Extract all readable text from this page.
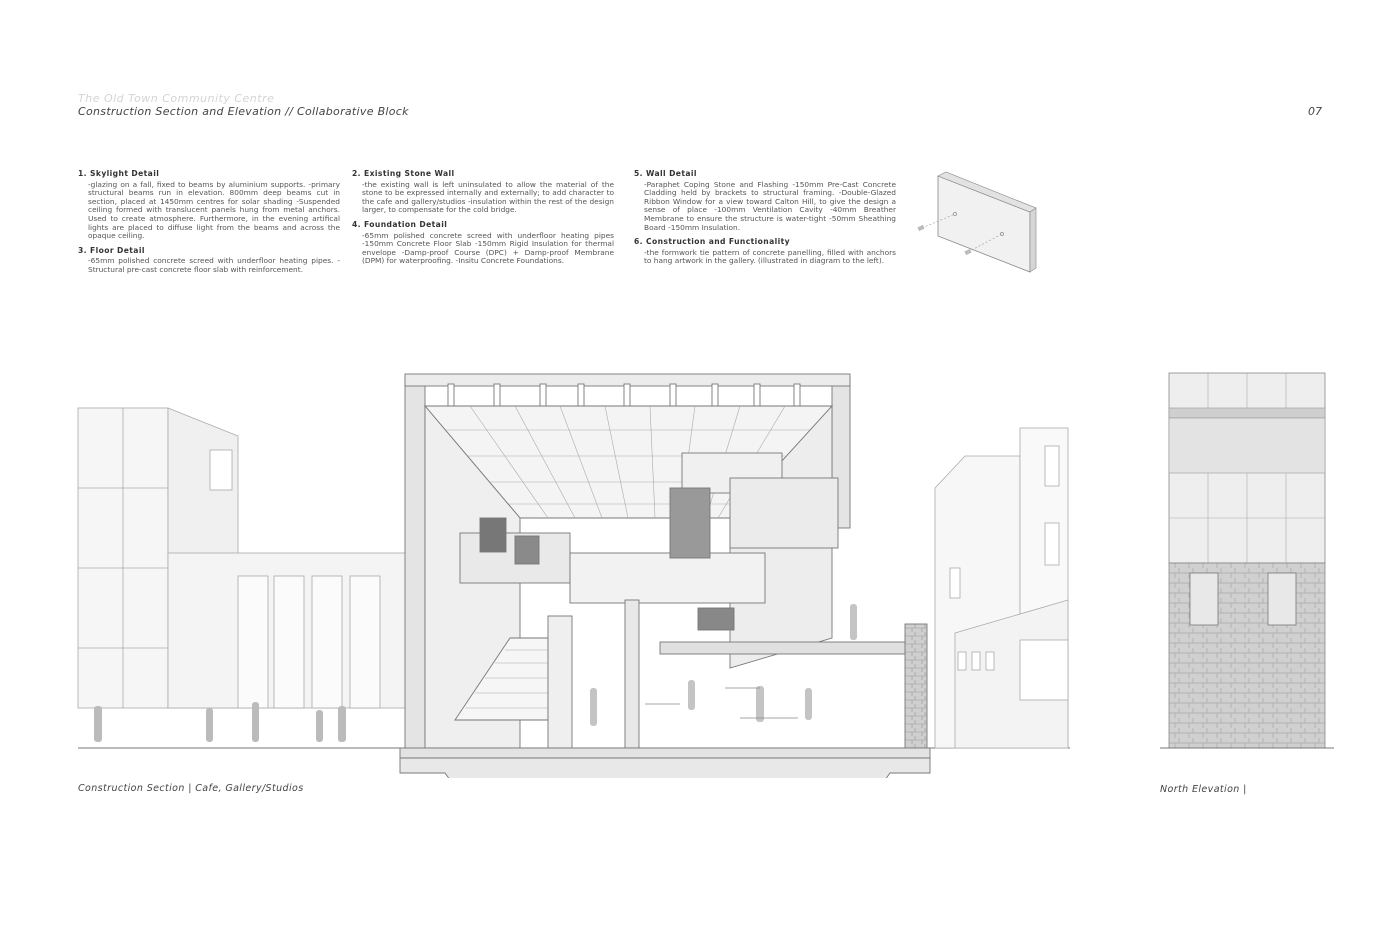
The Old Town Community Centre
Construction Section and Elevation // Collaborative Block	07
1. Skylight Detail
-glazing on a fall, fixed to beams by aluminium supports. -primary structural beams run in elevation. 800mm deep beams cut in section, placed at 1450mm centres for solar shading -Suspended ceiling formed with translucent panels hung from metal anchors. Used to create atmosphere. Furthermore, in the evening artifical lights are placed to diffuse light from the beams and across the opaque ceiling.
3. Floor Detail
-65mm polished concrete screed with underfloor heating pipes. -Structural pre-cast concrete floor slab with reinforcement.
2. Existing Stone Wall
-the existing wall is left uninsulated to allow the material of the stone to be expressed internally and externally; to add character to the cafe and gallery/studios -insulation within the rest of the design larger, to compensate for the cold bridge.
4. Foundation Detail
-65mm polished concrete screed with underfloor heating pipes -150mm Concrete Floor Slab -150mm Rigid Insulation for thermal envelope -Damp-proof Course (DPC) + Damp-proof Membrane (DPM) for waterproofing. -Insitu Concrete Foundations.
5. Wall Detail
-Paraphet Coping Stone and Flashing -150mm Pre-Cast Concrete Cladding held by brackets to structural framing. -Double-Glazed Ribbon Window for a view toward Calton Hill, to give the design a sense of place -100mm Ventilation Cavity -40mm Breather Membrane to ensure the structure is water-tight -50mm Sheathing Board -150mm Insulation.
6. Construction and Functionality
-the formwork tie pattern of concrete panelling, filled with anchors to hang artwork in the gallery. (illustrated in diagram to the left).
Construction Section | Cafe, Gallery/Studios	North Elevation |
